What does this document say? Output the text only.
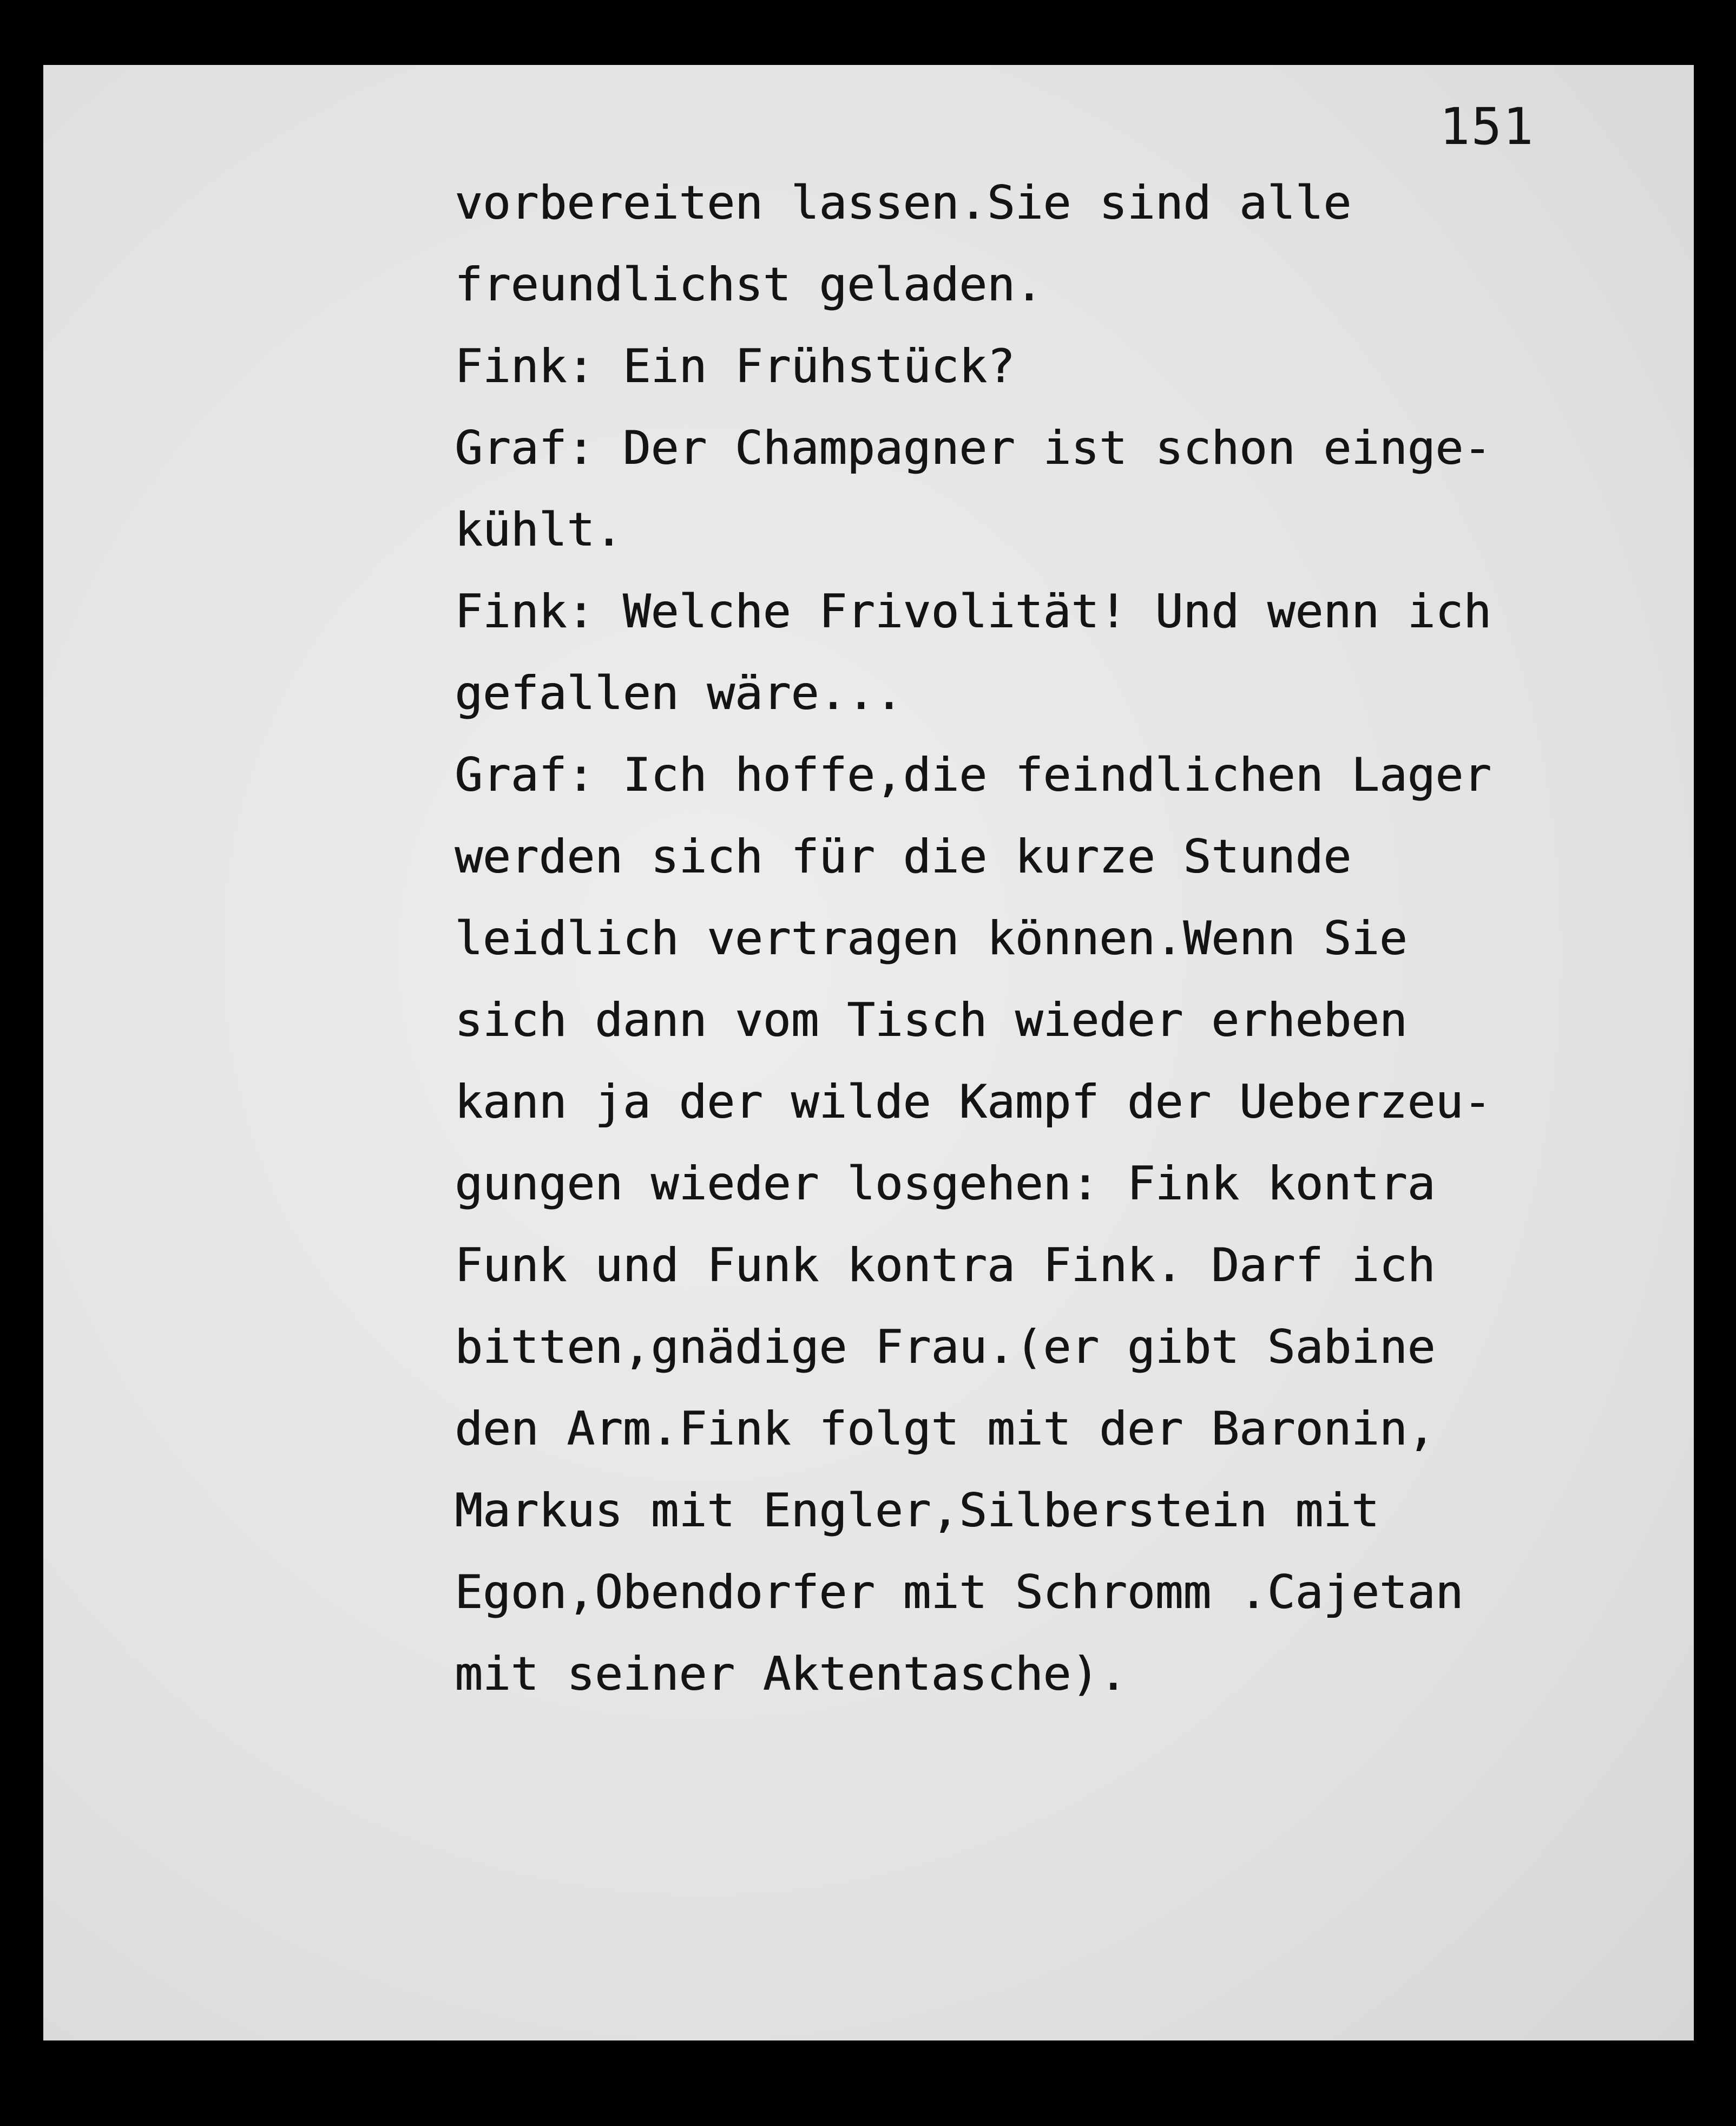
151
vorbereiten lassen.Sie sind alle
freundlichst geladen.
Fink: Ein Frühstück?
Graf: Der Champagner ist schon einge-
kühlt.
Fink: Welche Frivolität! Und wenn ich
gefallen wäre...
Graf: Ich hoffe,die feindlichen Lager
werden sich für die kurze Stunde
leidlich vertragen können.Wenn Sie
sich dann vom Tisch wieder erheben
kann ja der wilde Kampf der Ueberzeu-
gungen wieder losgehen: Fink kontra
Funk und Funk kontra Fink. Darf ich
bitten,gnädige Frau.(er gibt Sabine
den Arm.Fink folgt mit der Baronin,
Markus mit Engler,Silberstein mit
Egon,Obendorfer mit Schromm .Cajetan
mit seiner Aktentasche).
